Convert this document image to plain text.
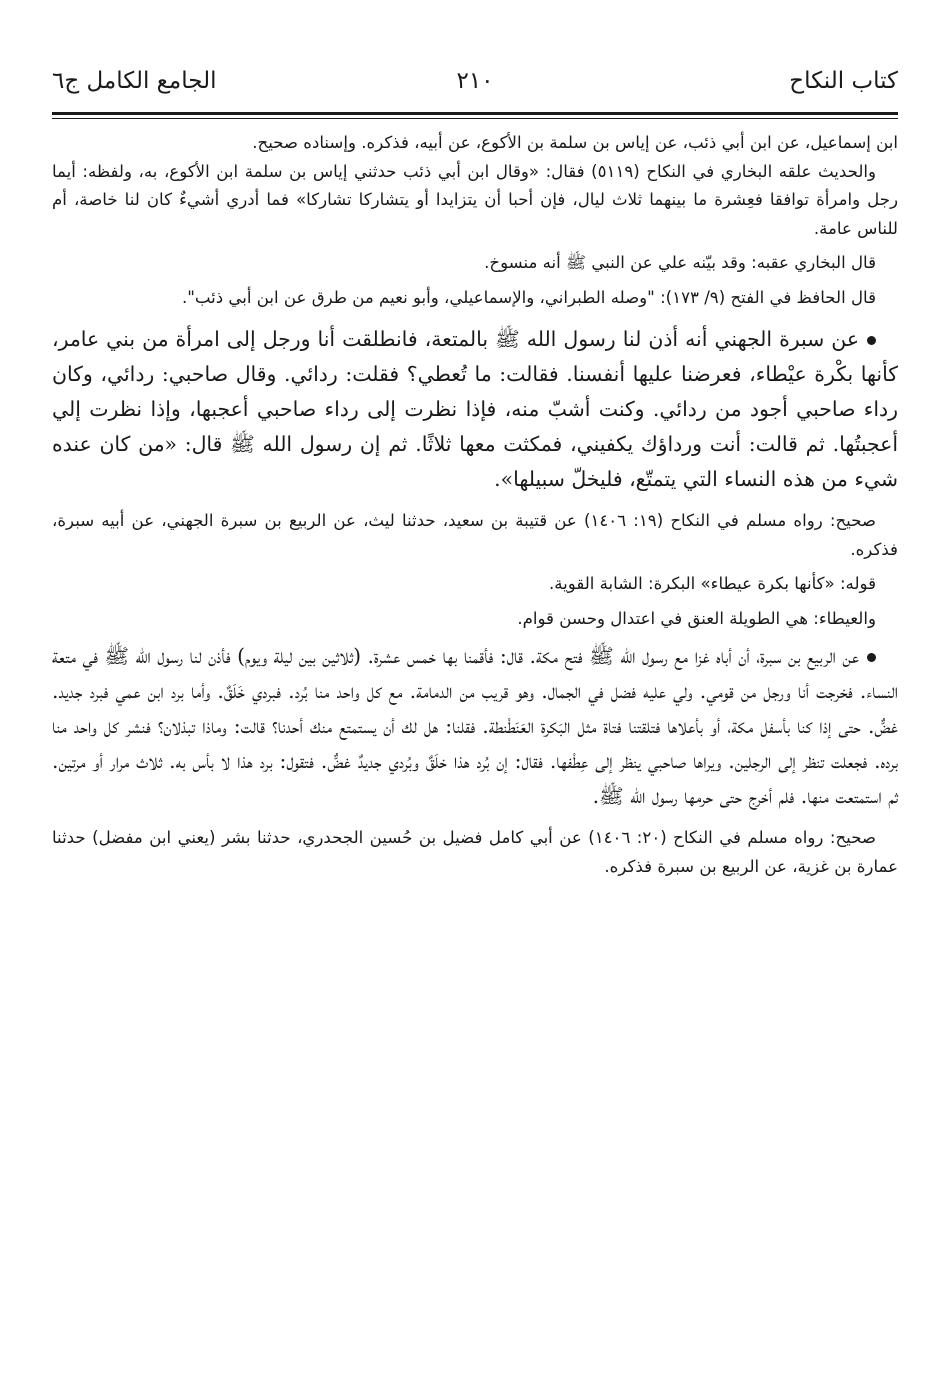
كتاب النكاح
٢١٠
الجامع الكامل ج٦

ابن إسماعيل، عن ابن أبي ذئب، عن إياس بن سلمة بن الأكوع، عن أبيه، فذكره. وإسناده صحيح.

والحديث علقه البخاري في النكاح (٥١١٩) فقال: «وقال ابن أبي ذئب حدثني إياس بن سلمة ابن الأكوع، به، ولفظه: أيما رجل وامرأة توافقا فعِشرة ما بينهما ثلاث ليال، فإن أحبا أن يتزايدا أو يتشاركا تشاركا» فما أدري أشيءٌ كان لنا خاصة، أم للناس عامة.

قال البخاري عقبه: وقد بيّنه علي عن النبي ﷺ أنه منسوخ.

قال الحافظ في الفتح (٩/ ١٧٣): "وصله الطبراني، والإسماعيلي، وأبو نعيم من طرق عن ابن أبي ذئب".

عن سبرة الجهني أنه أذن لنا رسول الله ﷺ بالمتعة، فانطلقت أنا ورجل إلى امرأة من بني عامر، كأنها بكْرة عيْطاء، فعرضنا عليها أنفسنا. فقالت: ما تُعطي؟ فقلت: ردائي. وقال صاحبي: ردائي، وكان رداء صاحبي أجود من ردائي. وكنت أشبّ منه، فإذا نظرت إلى رداء صاحبي أعجبها، وإذا نظرت إلي أعجبتُها. ثم قالت: أنت ورداؤك يكفيني، فمكثت معها ثلاثًا. ثم إن رسول الله ﷺ قال: «من كان عنده شيء من هذه النساء التي يتمتّع، فليخلّ سبيلها».

صحيح: رواه مسلم في النكاح (١٩: ١٤٠٦) عن قتيبة بن سعيد، حدثنا ليث، عن الربيع بن سبرة الجهني، عن أبيه سبرة، فذكره.

قوله: «كأنها بكرة عيطاء» البكرة: الشابة القوية.

والعيطاء: هي الطويلة العنق في اعتدال وحسن قوام.

عن الربيع بن سبرة، أن أباه غزا مع رسول الله ﷺ فتح مكة. قال: فأقمنا بها خمس عشرة. (ثلاثين بين ليلة ويوم) فأذن لنا رسول الله ﷺ في متعة النساء. فخرجت أنا ورجل من قومي. ولي عليه فضل في الجمال. وهو قريب من الدمامة. مع كل واحد منا بُرد. فبردي خَلَقٌ. وأما برد ابن عمي فبرد جديد. غضٌّ. حتى إذا كنا بأسفل مكة، أو بأعلاها فتلقتنا فتاة مثل البَكرة العَنَطْنطة. فقلنا: هل لك أن يستمتع منك أحدنا؟ قالت: وماذا تبذلان؟ فنشر كل واحد منا برده. فجعلت تنظر إلى الرجلين. ويراها صاحبي ينظر إلى عِطْفها. فقال: إن بُرد هذا خلَقٌ وبُردي جديدٌ غضٌّ. فتقول: برد هذا لا بأس به. ثلاث مرار أو مرتين. ثم استمتعت منها. فلم أخرج حتى حرمها رسول الله ﷺ.

صحيح: رواه مسلم في النكاح (٢٠: ١٤٠٦) عن أبي كامل فضيل بن حُسين الجحدري، حدثنا بشر (يعني ابن مفضل) حدثنا عمارة بن غزية، عن الربيع بن سبرة فذكره.
